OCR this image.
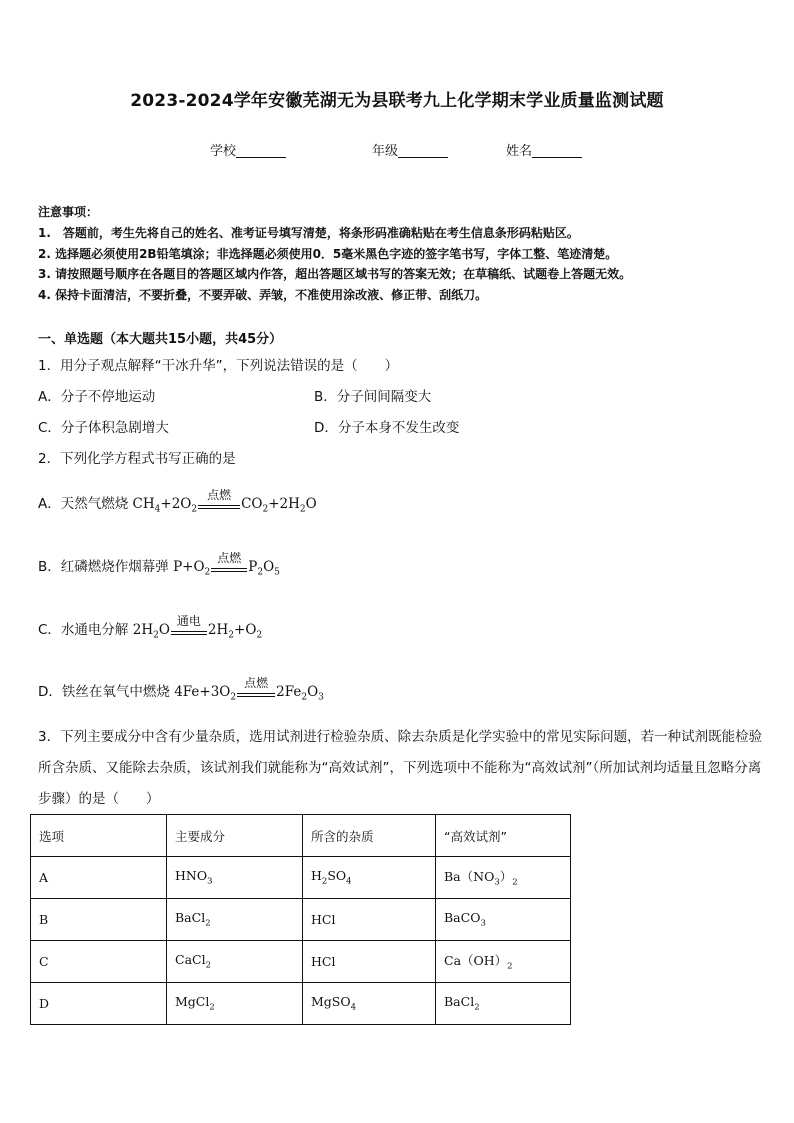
2023-2024学年安徽芜湖无为县联考九上化学期末学业质量监测试题
学校	年级	姓名
注意事项：
1.　答题前，考生先将自己的姓名、准考证号填写清楚，将条形码准确粘贴在考生信息条形码粘贴区。
2. 选择题必须使用2B铅笔填涂；非选择题必须使用0．5毫米黑色字迹的签字笔书写，字体工整、笔迹清楚。
3. 请按照题号顺序在各题目的答题区域内作答，超出答题区域书写的答案无效；在草稿纸、试题卷上答题无效。
4. 保持卡面清洁，不要折叠，不要弄破、弄皱，不准使用涂改液、修正带、刮纸刀。
一、单选题（本大题共15小题，共45分）
1．用分子观点解释“干冰升华”，下列说法错误的是（　　）
A．分子不停地运动	B．分子间间隔变大
C．分子体积急剧增大	D．分子本身不发生改变
2．下列化学方程式书写正确的是
A．天然气燃烧 $CH_4+2O_2$
点燃
$CO_2+2H_2O$
B．红磷燃烧作烟幕弹 $P+O_2$
点燃
$P_2O_5$
C．水通电分解 $2H_2O$
通电
$2H_2+O_2$
D．铁丝在氧气中燃烧 $4Fe+3O_2$
点燃
$2Fe_2O_3$
3．下列主要成分中含有少量杂质，选用试剂进行检验杂质、除去杂质是化学实验中的常见实际问题，若一种试剂既能检验所含杂质、又能除去杂质，该试剂我们就能称为“高效试剂”，下列选项中不能称为“高效试剂”（所加试剂均适量且忽略分离步骤）的是（　　）
选项	主要成分	所含的杂质	“高效试剂”
A	$HNO_3$	$H_2SO_4$	$Ba(NO_3)_2$
B	BaCl$_2$	HCl	BaCO$_3$
C	CaCl$_2$	HCl	$Ca(OH)_2$
D	MgCl$_2$	MgSO$_4$	BaCl$_2$
